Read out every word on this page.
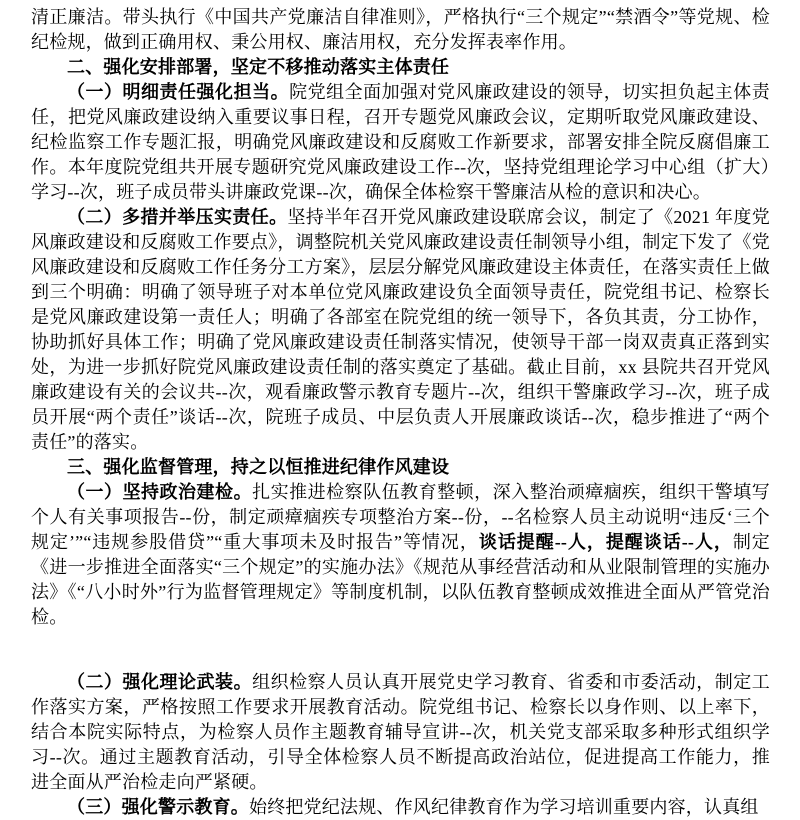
清正廉洁。带头执行《中国共产党廉洁自律准则》，严格执行“三个规定”“禁酒令”等党规、检纪检规，做到正确用权、秉公用权、廉洁用权，充分发挥表率作用。

二、强化安排部署，坚定不移推动落实主体责任

（一）明细责任强化担当。院党组全面加强对党风廉政建设的领导，切实担负起主体责任，把党风廉政建设纳入重要议事日程，召开专题党风廉政会议，定期听取党风廉政建设、纪检监察工作专题汇报，明确党风廉政建设和反腐败工作新要求，部署安排全院反腐倡廉工作。本年度院党组共开展专题研究党风廉政建设工作--次，坚持党组理论学习中心组（扩大）学习--次，班子成员带头讲廉政党课--次，确保全体检察干警廉洁从检的意识和决心。

（二）多措并举压实责任。坚持半年召开党风廉政建设联席会议，制定了《2021 年度党风廉政建设和反腐败工作要点》，调整院机关党风廉政建设责任制领导小组，制定下发了《党风廉政建设和反腐败工作任务分工方案》，层层分解党风廉政建设主体责任，在落实责任上做到三个明确：明确了领导班子对本单位党风廉政建设负全面领导责任，院党组书记、检察长是党风廉政建设第一责任人；明确了各部室在院党组的统一领导下，各负其责，分工协作，协助抓好具体工作；明确了党风廉政建设责任制落实情况，使领导干部一岗双责真正落到实处，为进一步抓好院党风廉政建设责任制的落实奠定了基础。截止目前，xx 县院共召开党风廉政建设有关的会议共--次，观看廉政警示教育专题片--次，组织干警廉政学习--次，班子成员开展“两个责任”谈话--次，院班子成员、中层负责人开展廉政谈话--次，稳步推进了“两个责任”的落实。

三、强化监督管理，持之以恒推进纪律作风建设

（一）坚持政治建检。扎实推进检察队伍教育整顿，深入整治顽瘴痼疾，组织干警填写个人有关事项报告--份，制定顽瘴痼疾专项整治方案--份，--名检察人员主动说明“违反‘三个规定’”“违规参股借贷”“重大事项未及时报告”等情况，谈话提醒--人，提醒谈话--人，制定《进一步推进全面落实“三个规定”的实施办法》《规范从事经营活动和从业限制管理的实施办法》《“八小时外”行为监督管理规定》等制度机制，以队伍教育整顿成效推进全面从严管党治检。

（二）强化理论武装。组织检察人员认真开展党史学习教育、省委和市委活动，制定工作落实方案，严格按照工作要求开展教育活动。院党组书记、检察长以身作则、以上率下，结合本院实际特点，为检察人员作主题教育辅导宣讲--次，机关党支部采取多种形式组织学习--次。通过主题教育活动，引导全体检察人员不断提高政治站位，促进提高工作能力，推进全面从严治检走向严紧硬。

（三）强化警示教育。始终把党纪法规、作风纪律教育作为学习培训重要内容，认真组
